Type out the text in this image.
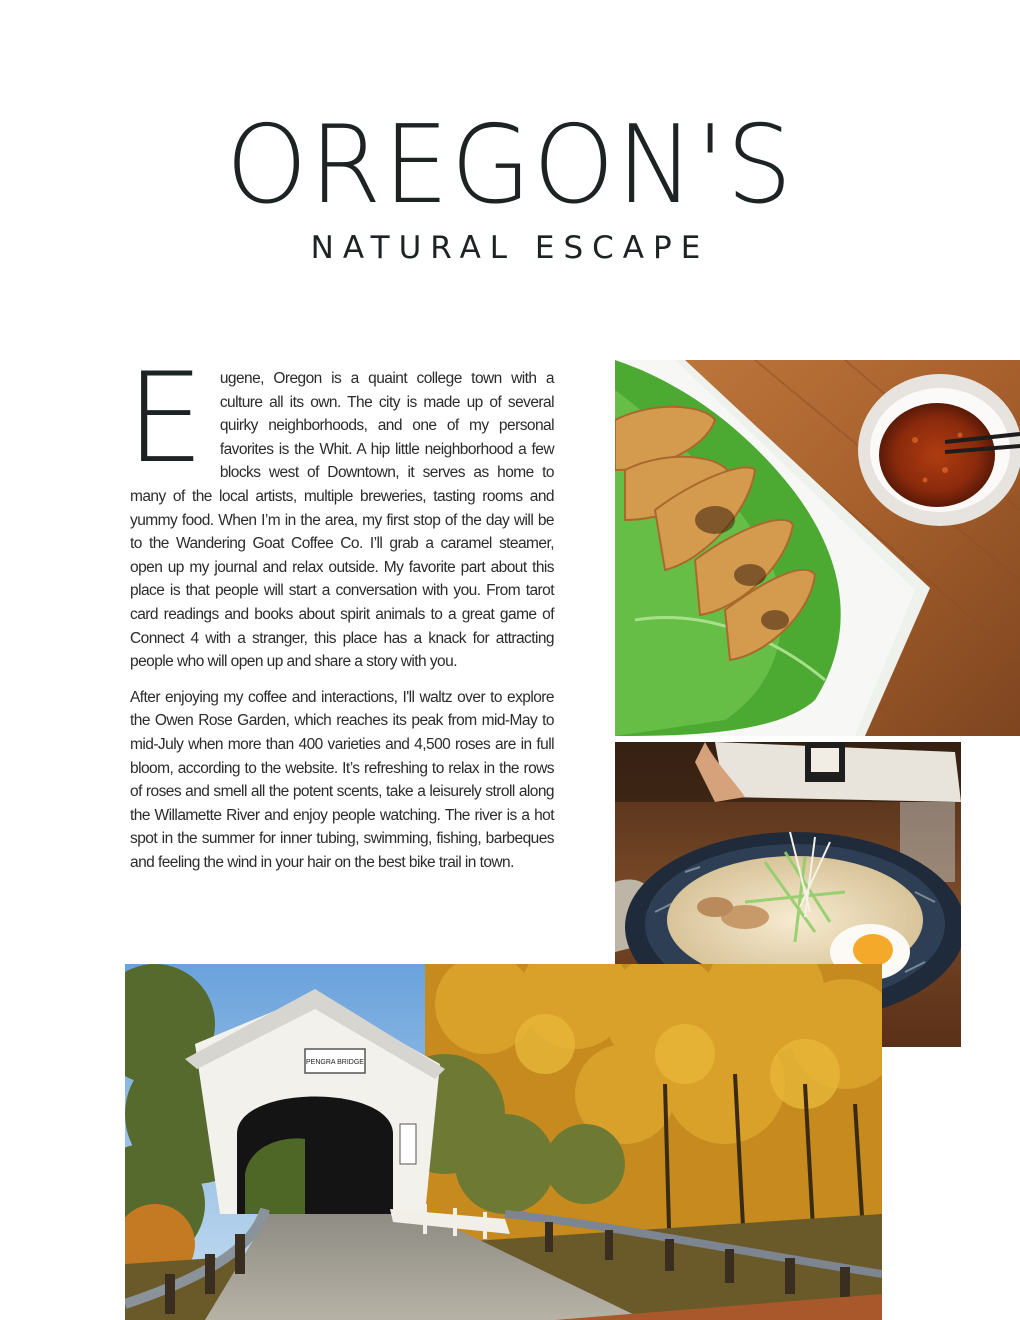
OREGON'S
NATURAL ESCAPE

E ugene, Oregon is a quaint college town with a culture all its own. The city is made up of several quirky neighborhoods, and one of my personal favorites is the Whit. A hip little neighborhood a few blocks west of Downtown, it serves as home to many of the local artists, multiple breweries, tasting rooms and yummy food. When I’m in the area, my first stop of the day will be to the Wandering Goat Coffee Co. I’ll grab a caramel steamer, open up my journal and relax outside. My favorite part about this place is that people will start a conversation with you. From tarot card readings and books about spirit animals to a great game of Connect 4 with a stranger, this place has a knack for attracting people who will open up and share a story with you.

After enjoying my coffee and interactions, I'll waltz over to explore the Owen Rose Garden, which reaches its peak from mid-May to mid-July when more than 400 varieties and 4,500 roses are in full bloom, according to the website. It’s refreshing to relax in the rows of roses and smell all the potent scents, take a leisurely stroll along the Willamette River and enjoy people watching. The river is a hot spot in the summer for inner tubing, swimming, fishing, barbeques and feeling the wind in your hair on the best bike trail in town.

PENGRA BRIDGE
